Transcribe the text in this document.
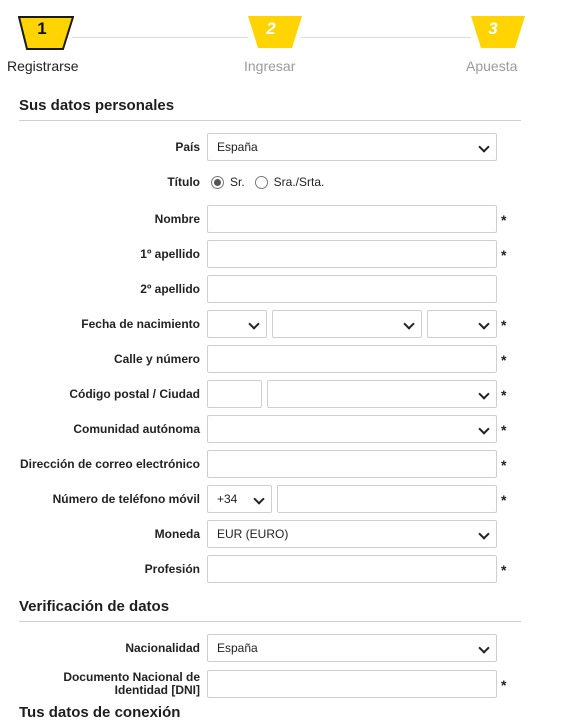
1
Registrarse
2
Ingresar
3
Apuesta
Sus datos personales
País	España
Título	Sr. Sra./Srta.
Nombre	*
1º apellido	*
2º apellido
Fecha de nacimiento	*
Calle y número	*
Código postal / Ciudad	*
Comunidad autónoma	*
Dirección de correo electrónico	*
Número de teléfono móvil	+34	*
Moneda	EUR (EURO)
Profesión	*
Verificación de datos
Nacionalidad	España
Documento Nacional de
Identidad [DNI]	*
Tus datos de conexión
